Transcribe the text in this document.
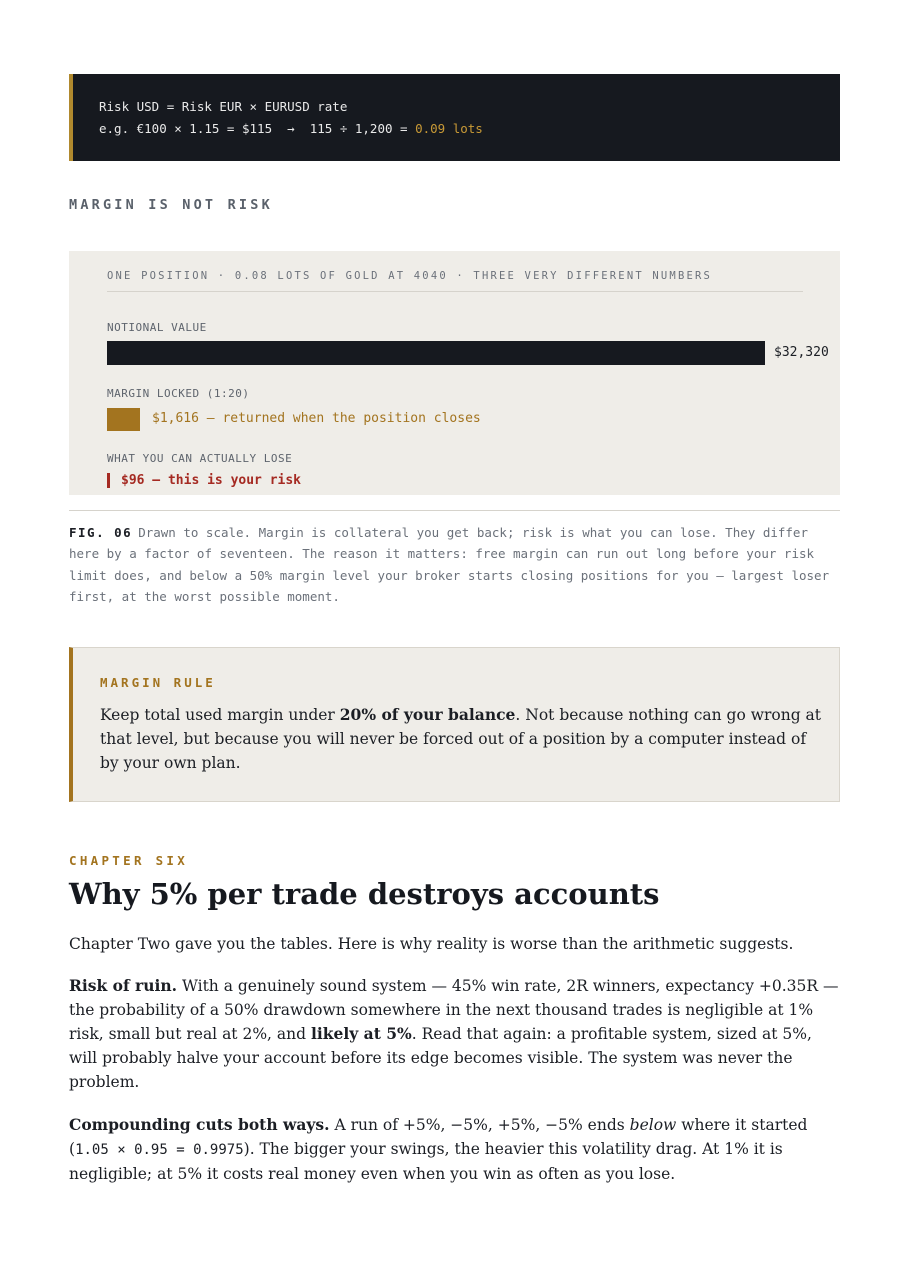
Risk USD = Risk EUR × EURUSD rate
e.g. €100 × 1.15 = $115  →  115 ÷ 1,200 = 0.09 lots
MARGIN IS NOT RISK
ONE POSITION · 0.08 LOTS OF GOLD AT 4040 · THREE VERY DIFFERENT NUMBERS
NOTIONAL VALUE
$32,320
MARGIN LOCKED (1:20)
$1,616 — returned when the position closes
WHAT YOU CAN ACTUALLY LOSE
$96 — this is your risk
FIG. 06 Drawn to scale. Margin is collateral you get back; risk is what you can lose. They differ here by a factor of seventeen. The reason it matters: free margin can run out long before your risk limit does, and below a 50% margin level your broker starts closing positions for you — largest loser first, at the worst possible moment.
MARGIN RULE
Keep total used margin under 20% of your balance. Not because nothing can go wrong at that level, but because you will never be forced out of a position by a computer instead of by your own plan.
CHAPTER SIX
Why 5% per trade destroys accounts

Chapter Two gave you the tables. Here is why reality is worse than the arithmetic suggests.

Risk of ruin. With a genuinely sound system — 45% win rate, 2R winners, expectancy +0.35R — the probability of a 50% drawdown somewhere in the next thousand trades is negligible at 1% risk, small but real at 2%, and likely at 5%. Read that again: a profitable system, sized at 5%, will probably halve your account before its edge becomes visible. The system was never the problem.

Compounding cuts both ways. A run of +5%, −5%, +5%, −5% ends below where it started (1.05 × 0.95 = 0.9975). The bigger your swings, the heavier this volatility drag. At 1% it is negligible; at 5% it costs real money even when you win as often as you lose.
